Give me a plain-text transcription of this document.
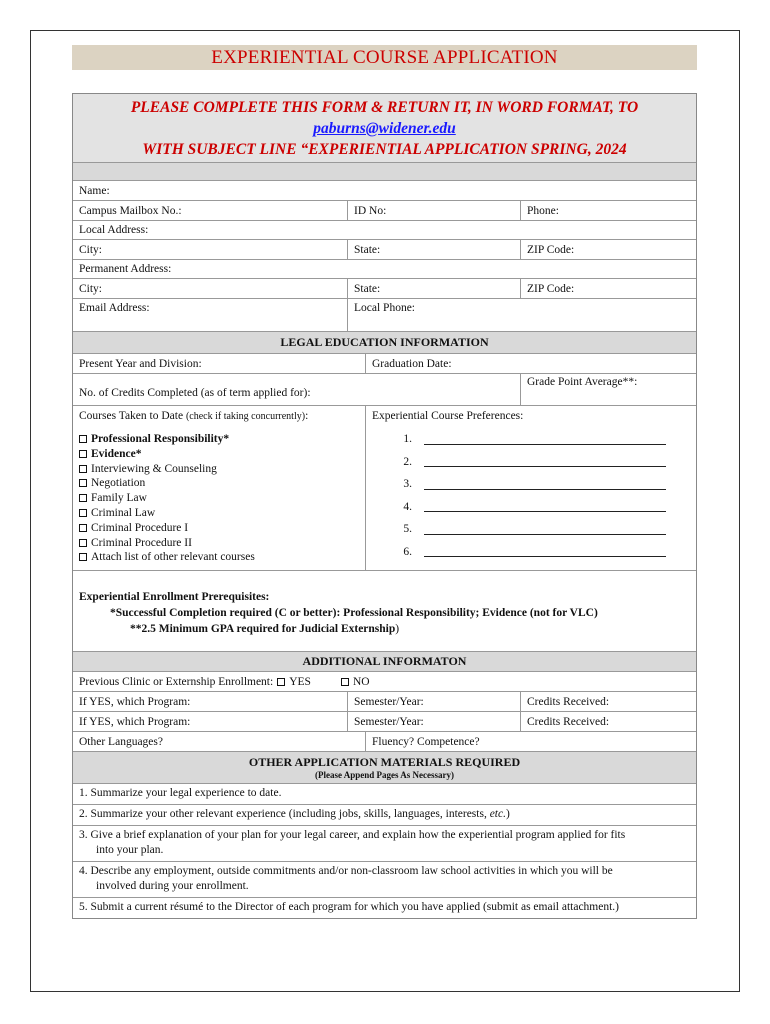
EXPERIENTIAL COURSE APPLICATION
PLEASE COMPLETE THIS FORM & RETURN IT, IN WORD FORMAT, TO
paburns@widener.edu
WITH SUBJECT LINE “EXPERIENTIAL APPLICATION SPRING, 2024
Name:
Campus Mailbox No.:	ID No:	Phone:
Local Address:
City:	State:	ZIP Code:
Permanent Address:
City:	State:	ZIP Code:
Email Address:	Local Phone:
LEGAL EDUCATION INFORMATION
Present Year and Division:	Graduation Date:
No. of Credits Completed (as of term applied for):
Grade Point Average**:
Courses Taken to Date (check if taking concurrently):
Professional Responsibility*
Evidence*
Interviewing & Counseling
Negotiation
Family Law
Criminal Law
Criminal Procedure I
Criminal Procedure II
Attach list of other relevant courses
Experiential Course Preferences:
1.
2.
3.
4.
5.
6.
Experiential Enrollment Prerequisites:
*Successful Completion required (C or better): Professional Responsibility; Evidence (not for VLC)
**2.5 Minimum GPA required for Judicial Externship)
ADDITIONAL INFORMATON
Previous Clinic or Externship Enrollment:	YES	NO
If YES, which Program:	Semester/Year:	Credits Received:
If YES, which Program:	Semester/Year:	Credits Received:
Other Languages?	Fluency? Competence?
OTHER APPLICATION MATERIALS REQUIRED
(Please Append Pages As Necessary)
1. Summarize your legal experience to date.
2. Summarize your other relevant experience (including jobs, skills, languages, interests, etc.)
3. Give a brief explanation of your plan for your legal career, and explain how the experiential program applied for fits
into your plan.
4. Describe any employment, outside commitments and/or non-classroom law school activities in which you will be
involved during your enrollment.
5. Submit a current résumé to the Director of each program for which you have applied (submit as email attachment.)
